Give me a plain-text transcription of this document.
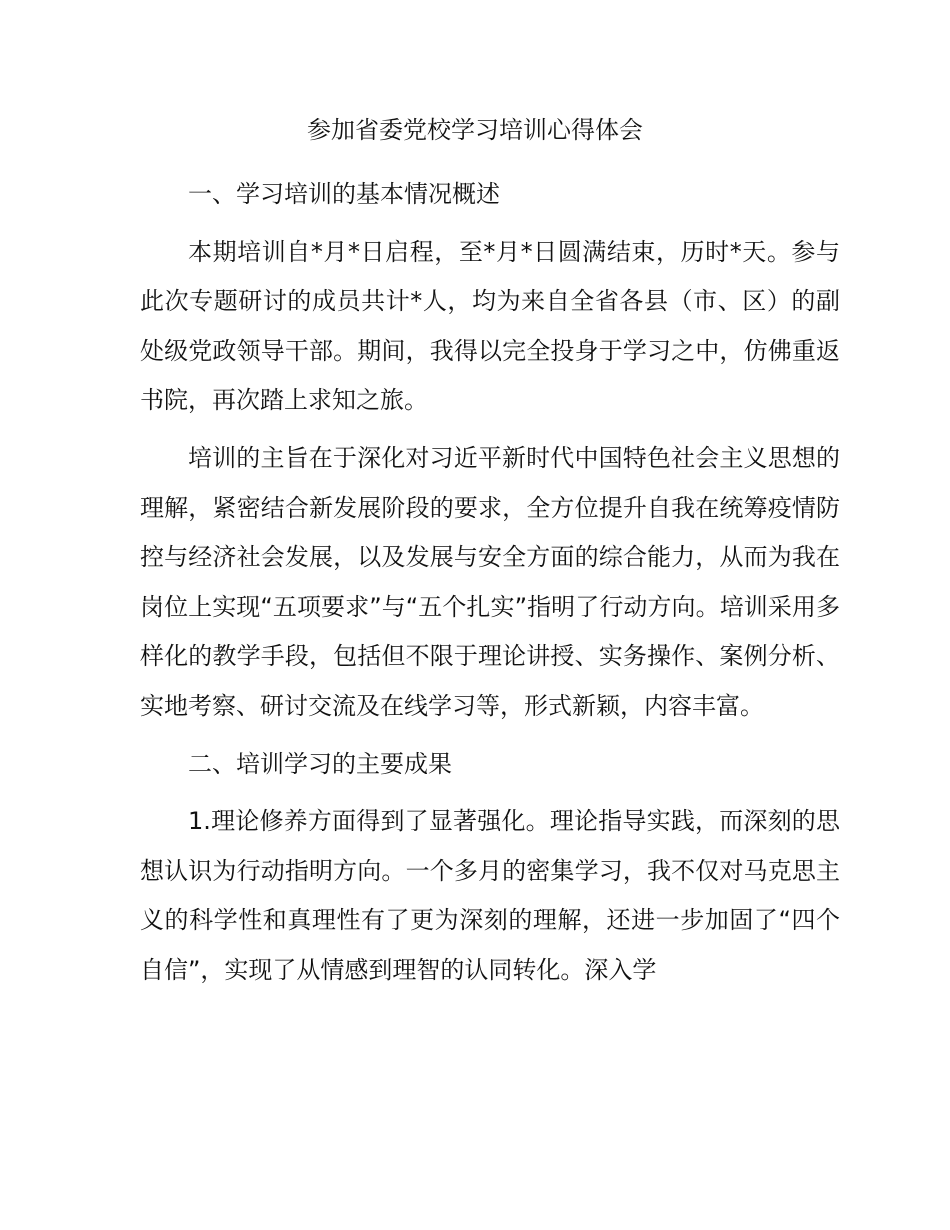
参加省委党校学习培训心得体会

一、学习培训的基本情况概述

本期培训自*月*日启程，至*月*日圆满结束，历时*天。参与此次专题研讨的成员共计*人，均为来自全省各县（市、区）的副处级党政领导干部。期间，我得以完全投身于学习之中，仿佛重返书院，再次踏上求知之旅。

培训的主旨在于深化对习近平新时代中国特色社会主义思想的理解，紧密结合新发展阶段的要求，全方位提升自我在统筹疫情防控与经济社会发展，以及发展与安全方面的综合能力，从而为我在岗位上实现“五项要求”与“五个扎实”指明了行动方向。培训采用多样化的教学手段，包括但不限于理论讲授、实务操作、案例分析、实地考察、研讨交流及在线学习等，形式新颖，内容丰富。

二、培训学习的主要成果

1.理论修养方面得到了显著强化。理论指导实践，而深刻的思想认识为行动指明方向。一个多月的密集学习，我不仅对马克思主义的科学性和真理性有了更为深刻的理解，还进一步加固了“四个自信”，实现了从情感到理智的认同转化。深入学
